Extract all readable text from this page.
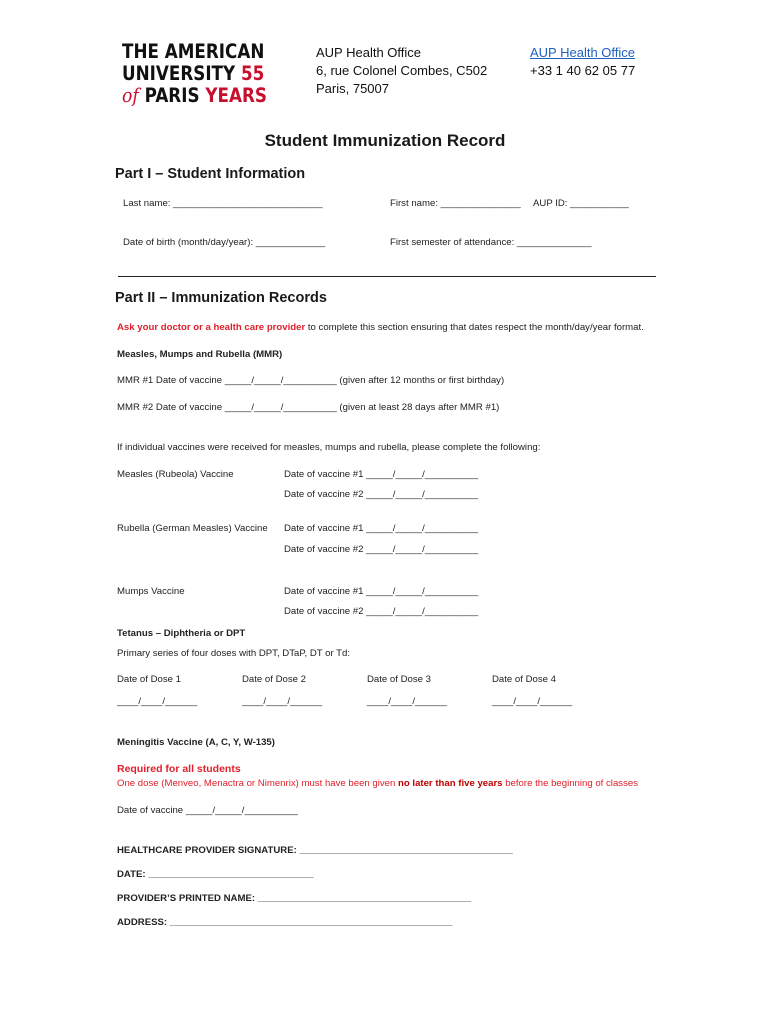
THE AMERICAN
UNIVERSITY 55
of PARIS YEARS
AUP Health Office
6, rue Colonel Combes, C502
Paris, 75007
AUP Health Office
+33 1 40 62 05 77
Student Immunization Record
Part I – Student Information
Last name: ____________________________	First name: _______________ AUP ID: ___________
Date of birth (month/day/year): _____________	First semester of attendance: ______________
Part II – Immunization Records
Ask your doctor or a health care provider to complete this section ensuring that dates respect the month/day/year format.
Measles, Mumps and Rubella (MMR)
MMR #1 Date of vaccine _____/_____/__________ (given after 12 months or first birthday)
MMR #2 Date of vaccine _____/_____/__________ (given at least 28 days after MMR #1)
If individual vaccines were received for measles, mumps and rubella, please complete the following:
Measles (Rubeola) Vaccine	Date of vaccine #1 _____/_____/__________
Date of vaccine #2 _____/_____/__________
Rubella (German Measles) Vaccine Date of vaccine #1 _____/_____/__________
Date of vaccine #2 _____/_____/__________
Mumps Vaccine	Date of vaccine #1 _____/_____/__________
Date of vaccine #2 _____/_____/__________
Tetanus – Diphtheria or DPT
Primary series of four doses with DPT, DTaP, DT or Td:
Date of Dose 1	Date of Dose 2	Date of Dose 3	Date of Dose 4
____/____/______	____/____/______	____/____/______	____/____/______
Meningitis Vaccine (A, C, Y, W-135)
Required for all students
One dose (Menveo, Menactra or Nimenrix) must have been given no later than five years before the beginning of classes
Date of vaccine _____/_____/__________
HEALTHCARE PROVIDER SIGNATURE: ________________________________________
DATE: _______________________________
PROVIDER’S PRINTED NAME: ________________________________________
ADDRESS: _____________________________________________________
